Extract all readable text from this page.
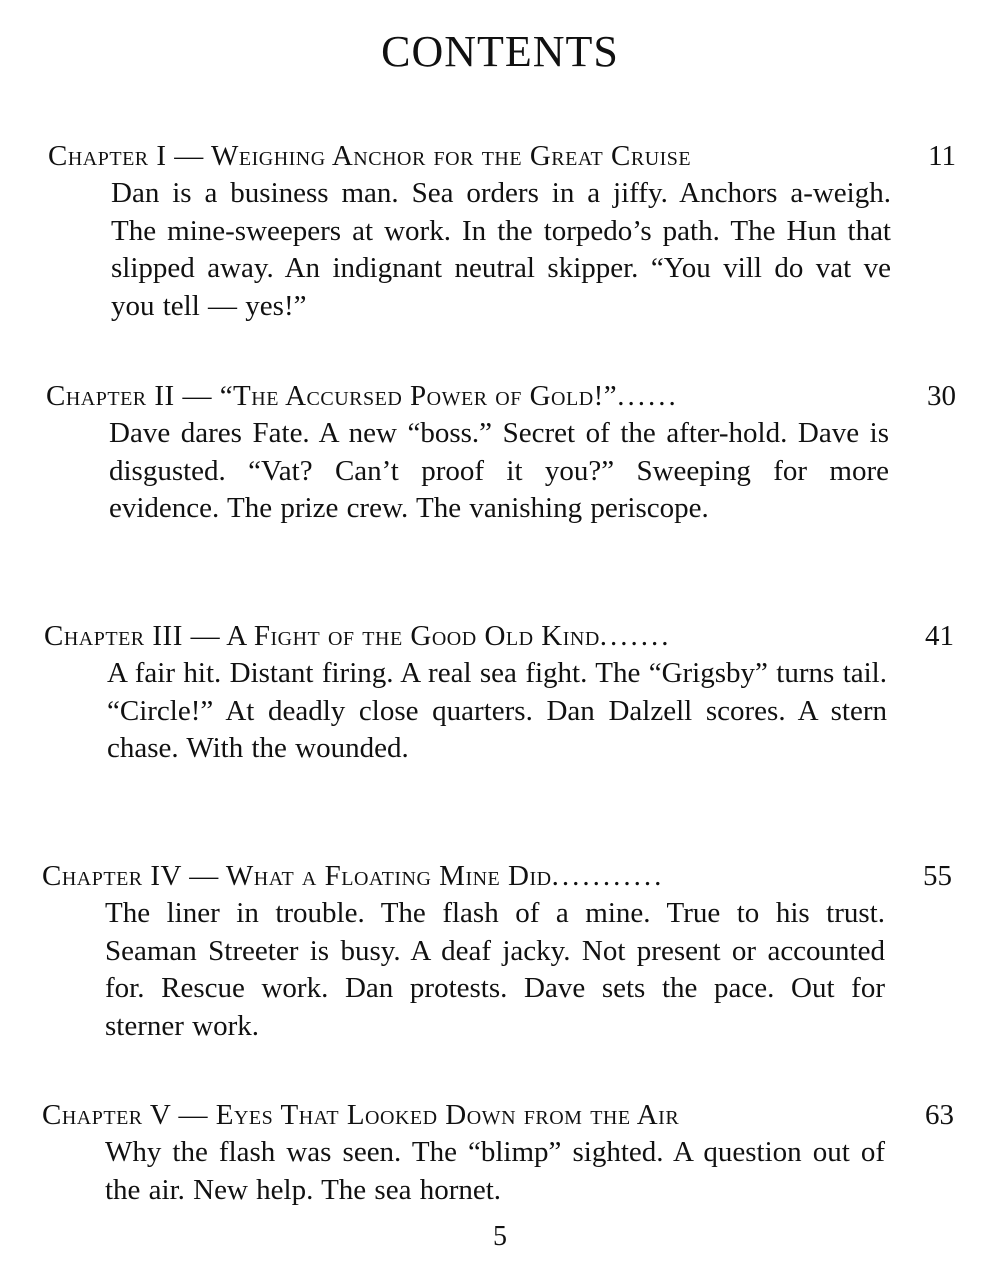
CONTENTS
Chapter I — Weighing Anchor for the Great Cruise	11
Dan is a business man. Sea orders in a jiffy. Anchors a-weigh. The mine-sweepers at work. In the torpedo’s path. The Hun that slipped away. An indignant neutral skipper. “You vill do vat ve you tell — yes!”
Chapter II — “The Accursed Power of Gold!”......	30
Dave dares Fate. A new “boss.” Secret of the after-hold. Dave is disgusted. “Vat? Can’t proof it you?” Sweeping for more evidence. The prize crew. The vanishing periscope.
Chapter III — A Fight of the Good Old Kind.......	41
A fair hit. Distant firing. A real sea fight. The “Grigsby” turns tail. “Circle!” At deadly close quarters. Dan Dalzell scores. A stern chase. With the wounded.
Chapter IV — What a Floating Mine Did...........	55
The liner in trouble. The flash of a mine. True to his trust. Seaman Streeter is busy. A deaf jacky. Not present or accounted for. Rescue work. Dan protests. Dave sets the pace. Out for sterner work.
Chapter V — Eyes That Looked Down from the Air	63
Why the flash was seen. The “blimp” sighted. A question out of the air. New help. The sea hornet.
5
